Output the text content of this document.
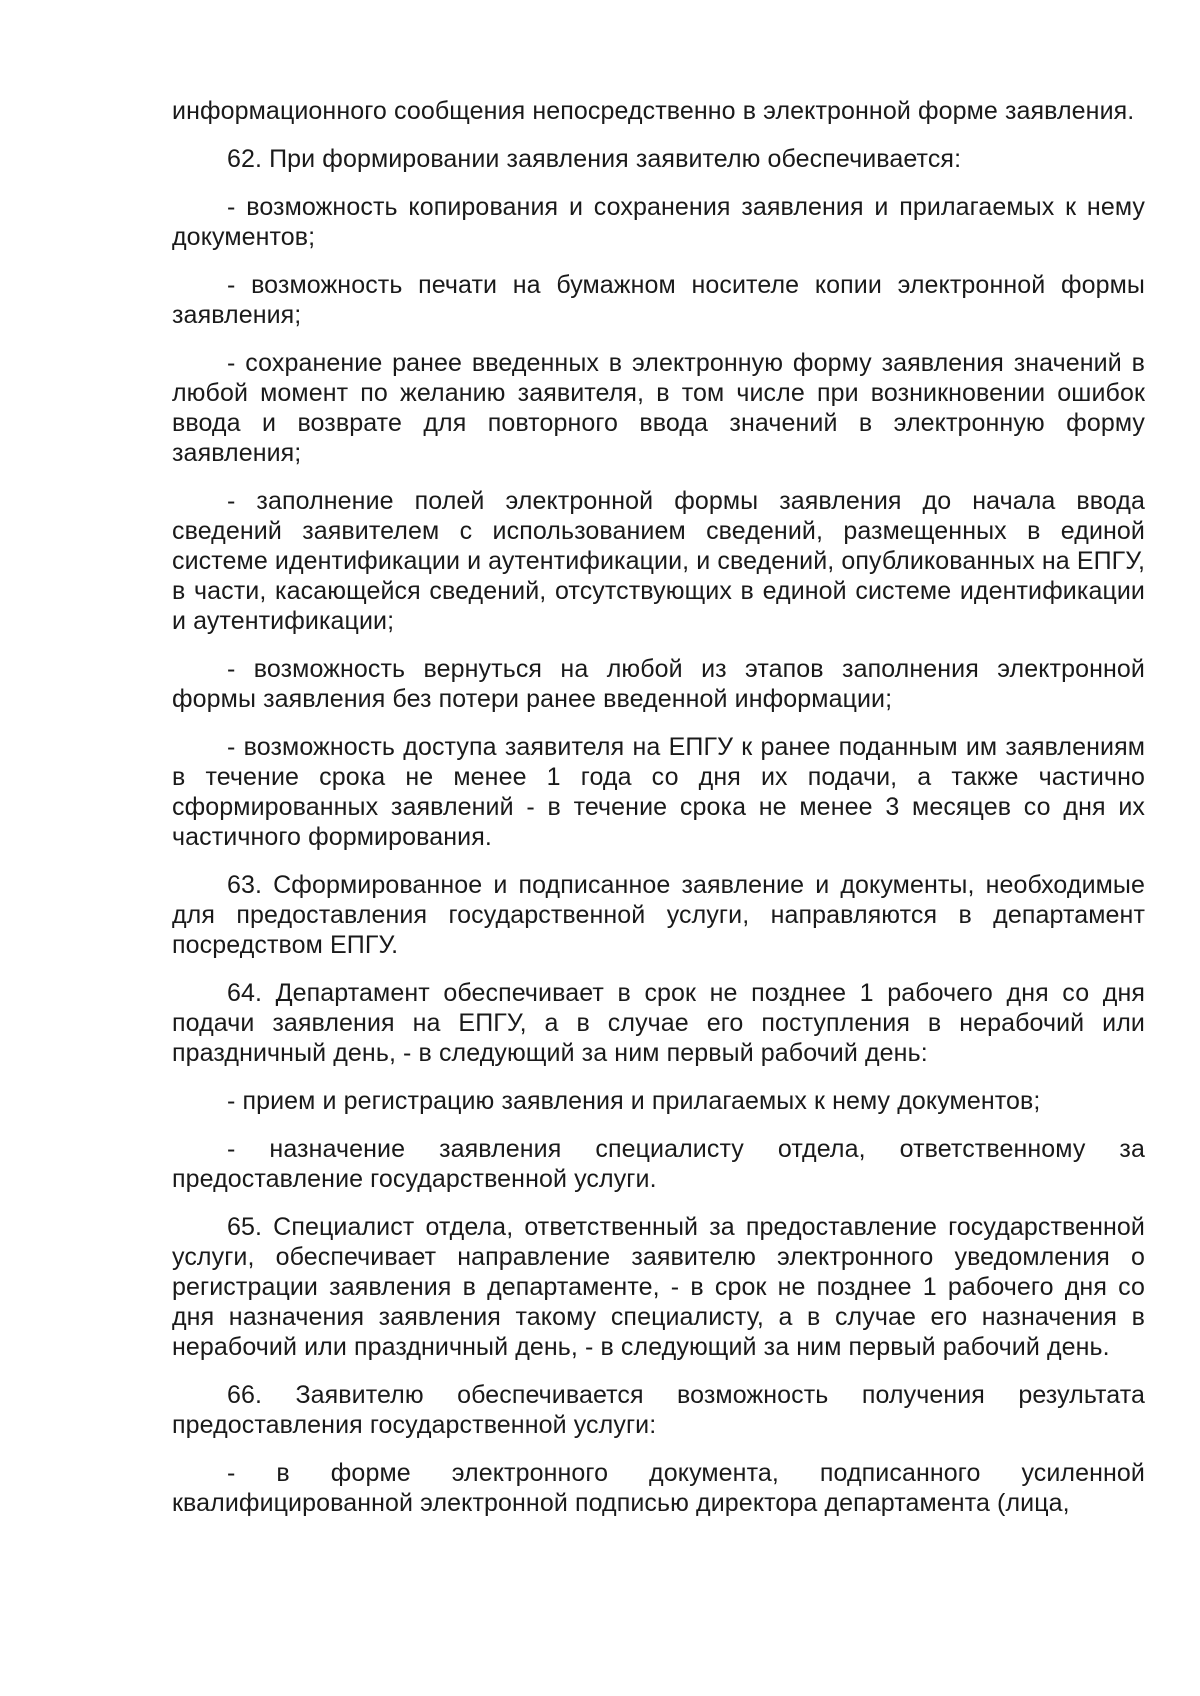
информационного сообщения непосредственно в электронной форме заявления.

62. При формировании заявления заявителю обеспечивается:

- возможность копирования и сохранения заявления и прилагаемых к нему документов;

- возможность печати на бумажном носителе копии электронной формы заявления;

- сохранение ранее введенных в электронную форму заявления значений в любой момент по желанию заявителя, в том числе при возникновении ошибок ввода и возврате для повторного ввода значений в электронную форму заявления;

- заполнение полей электронной формы заявления до начала ввода сведений заявителем с использованием сведений, размещенных в единой системе идентификации и аутентификации, и сведений, опубликованных на ЕПГУ, в части, касающейся сведений, отсутствующих в единой системе идентификации и аутентификации;

- возможность вернуться на любой из этапов заполнения электронной формы заявления без потери ранее введенной информации;

- возможность доступа заявителя на ЕПГУ к ранее поданным им заявлениям в течение срока не менее 1 года со дня их подачи, а также частично сформированных заявлений - в течение срока не менее 3 месяцев со дня их частичного формирования.

63. Сформированное и подписанное заявление и документы, необходимые для предоставления государственной услуги, направляются в департамент посредством ЕПГУ.

64. Департамент обеспечивает в срок не позднее 1 рабочего дня со дня подачи заявления на ЕПГУ, а в случае его поступления в нерабочий или праздничный день, - в следующий за ним первый рабочий день:

- прием и регистрацию заявления и прилагаемых к нему документов;

- назначение заявления специалисту отдела, ответственному за предоставление государственной услуги.

65. Специалист отдела, ответственный за предоставление государственной услуги, обеспечивает направление заявителю электронного уведомления о регистрации заявления в департаменте, - в срок не позднее 1 рабочего дня со дня назначения заявления такому специалисту, а в случае его назначения в нерабочий или праздничный день, - в следующий за ним первый рабочий день.

66. Заявителю обеспечивается возможность получения результата предоставления государственной услуги:

- в форме электронного документа, подписанного усиленной квалифицированной электронной подписью директора департамента (лица,
